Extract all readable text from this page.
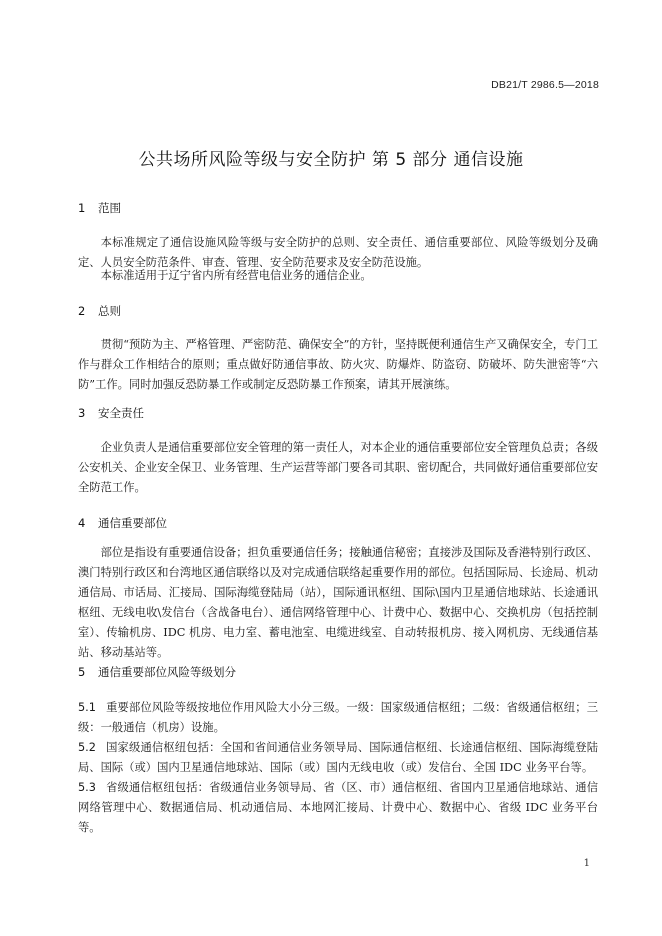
DB21/T 2986.5—2018
公共场所风险等级与安全防护 第 5 部分 通信设施
1 范围
本标准规定了通信设施风险等级与安全防护的总则、安全责任、通信重要部位、风险等级划分及确定、人员安全防范条件、审查、管理、安全防范要求及安全防范设施。
本标准适用于辽宁省内所有经营电信业务的通信企业。
2 总则
贯彻“预防为主、严格管理、严密防范、确保安全”的方针，坚持既便利通信生产又确保安全，专门工作与群众工作相结合的原则；重点做好防通信事故、防火灾、防爆炸、防盗窃、防破坏、防失泄密等“六防”工作。同时加强反恐防暴工作或制定反恐防暴工作预案，请其开展演练。
3 安全责任
企业负责人是通信重要部位安全管理的第一责任人，对本企业的通信重要部位安全管理负总责；各级公安机关、企业安全保卫、业务管理、生产运营等部门要各司其职、密切配合，共同做好通信重要部位安全防范工作。
4 通信重要部位
部位是指设有重要通信设备；担负重要通信任务；接触通信秘密；直接涉及国际及香港特别行政区、澳门特别行政区和台湾地区通信联络以及对完成通信联络起重要作用的部位。包括国际局、长途局、机动通信局、市话局、汇接局、国际海缆登陆局（站），国际通讯枢纽、国际\国内卫星通信地球站、长途通讯枢纽、无线电收\发信台（含战备电台）、通信网络管理中心、计费中心、数据中心、交换机房（包括控制室）、传输机房、IDC 机房、电力室、蓄电池室、电缆进线室、自动转报机房、接入网机房、无线通信基站、移动基站等。
5 通信重要部位风险等级划分
5.1 重要部位风险等级按地位作用风险大小分三级。一级：国家级通信枢纽；二级：省级通信枢纽；三级：一般通信（机房）设施。
5.2 国家级通信枢纽包括：全国和省间通信业务领导局、国际通信枢纽、长途通信枢纽、国际海缆登陆局、国际（或）国内卫星通信地球站、国际（或）国内无线电收（或）发信台、全国 IDC 业务平台等。
5.3 省级通信枢纽包括：省级通信业务领导局、省（区、市）通信枢纽、省国内卫星通信地球站、通信网络管理中心、数据通信局、机动通信局、本地网汇接局、计费中心、数据中心、省级 IDC 业务平台等。
1
